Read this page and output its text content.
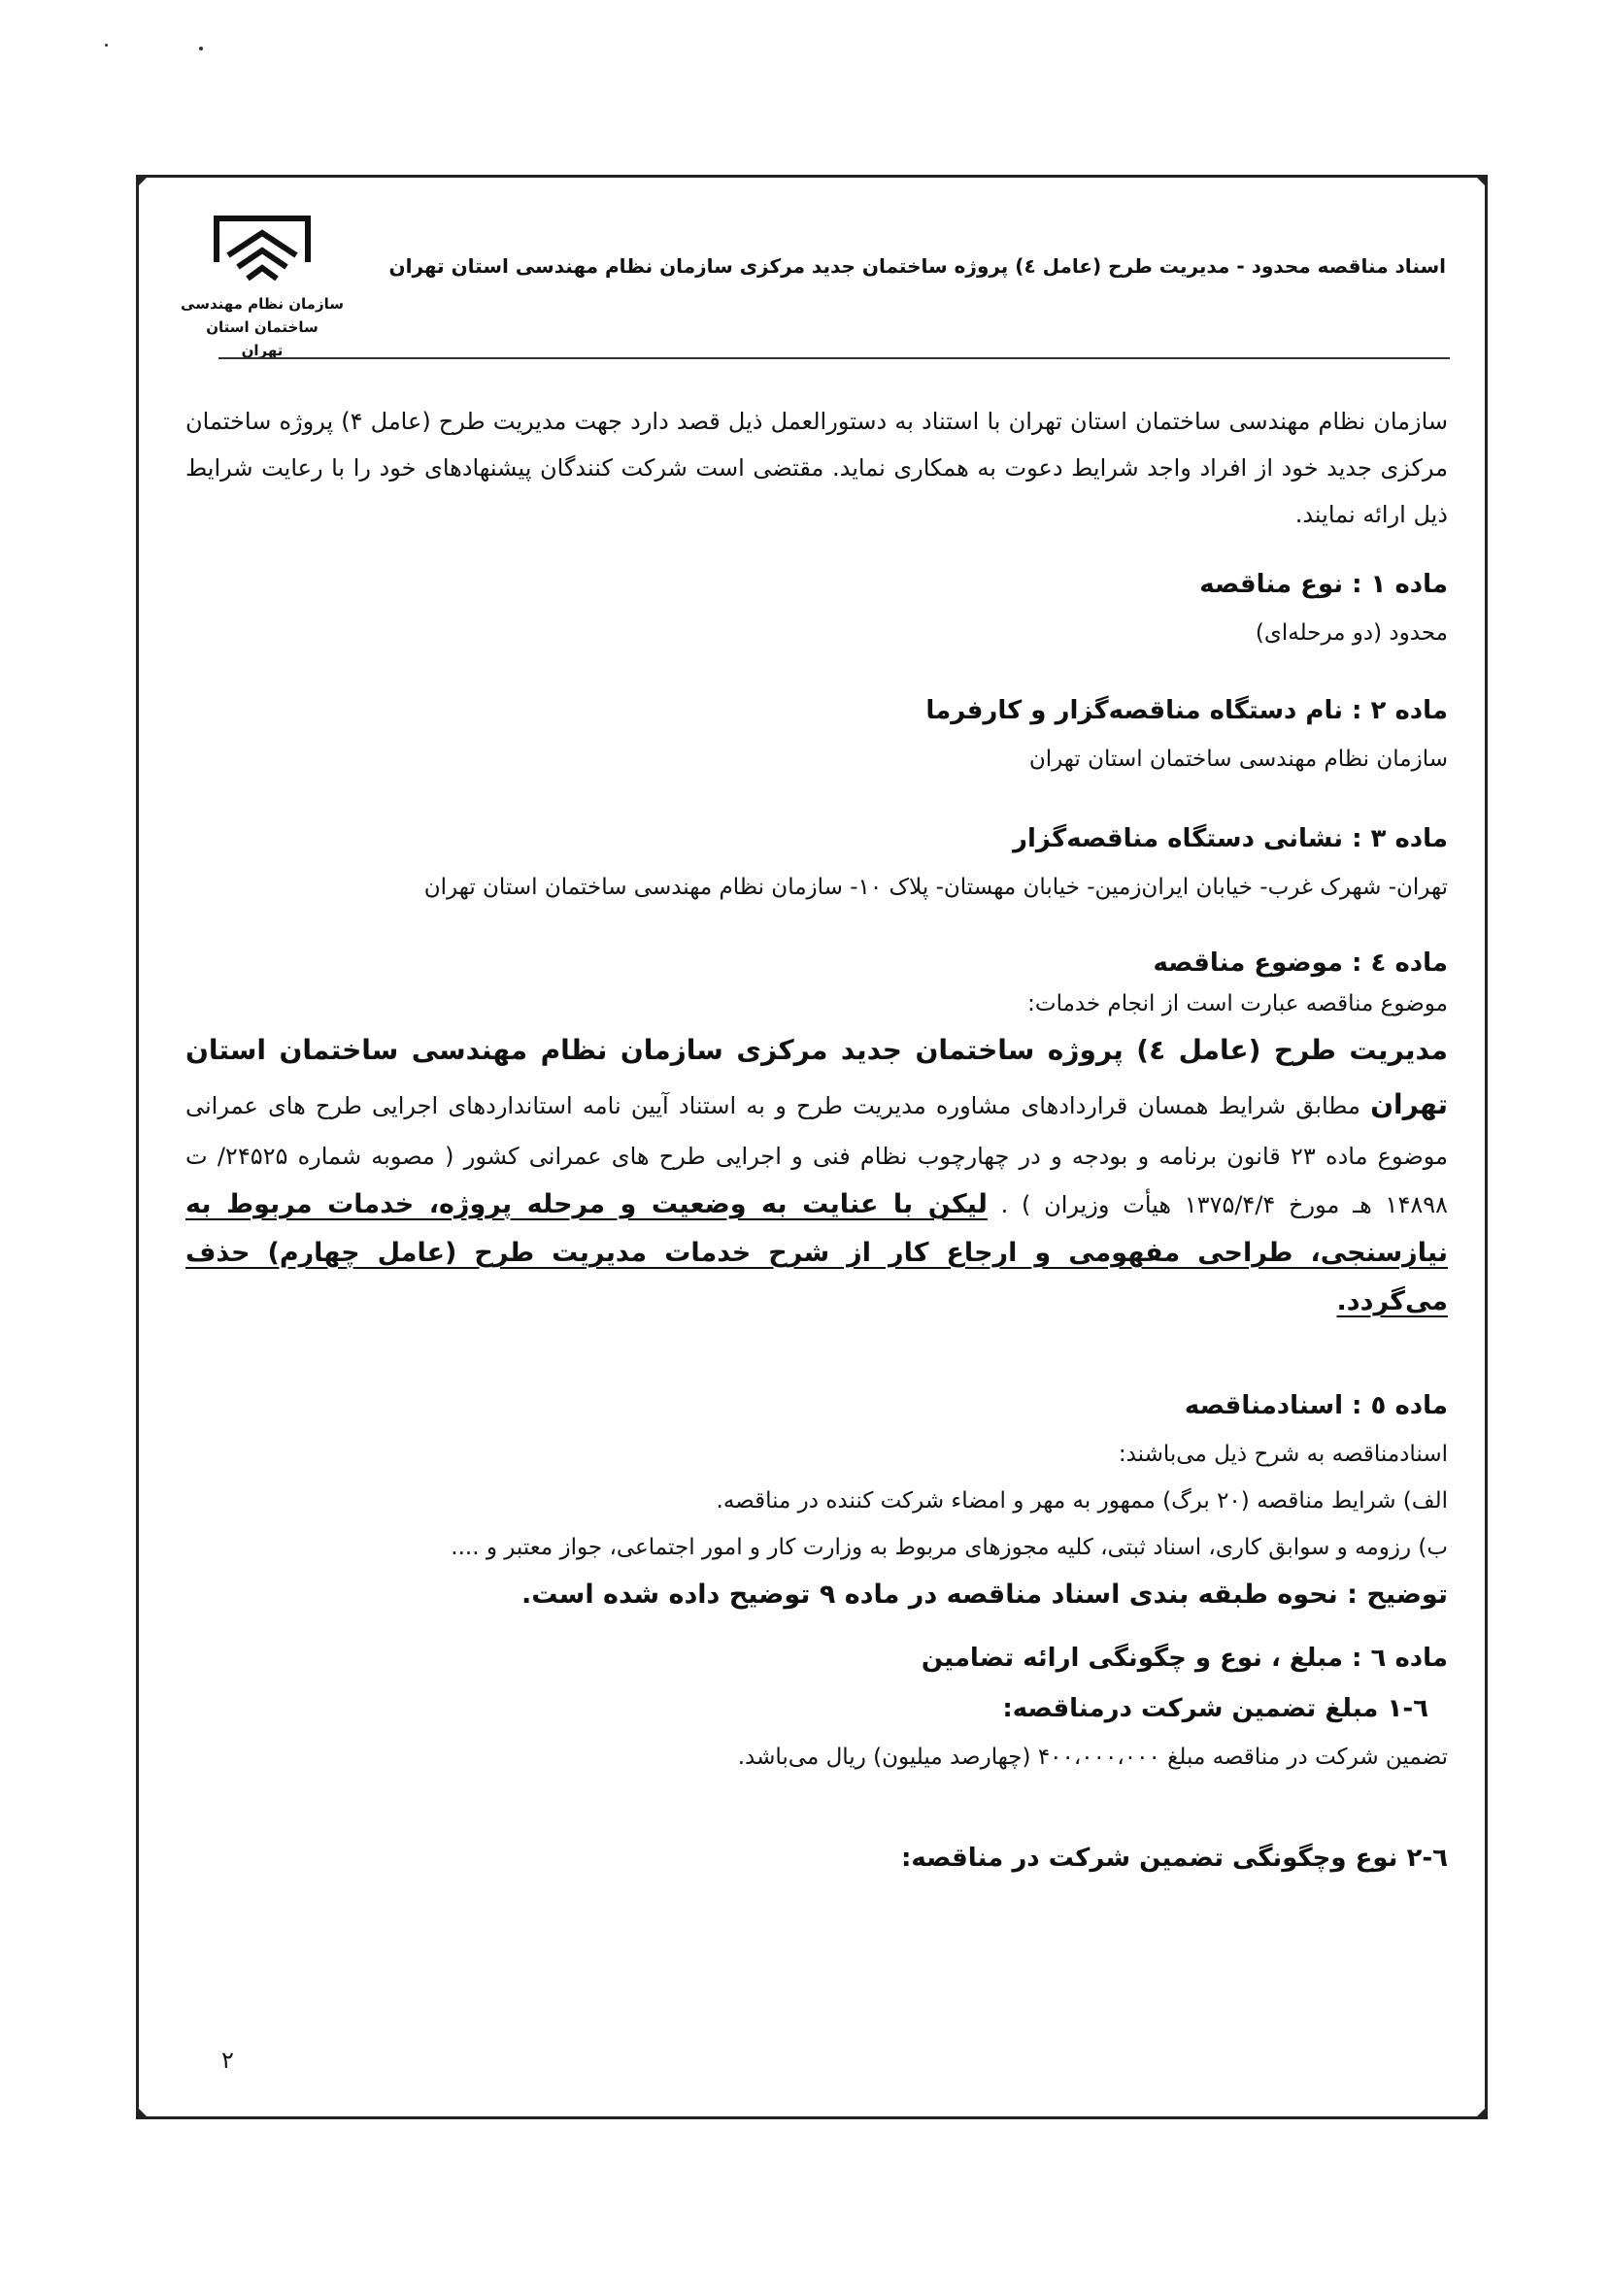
سازمان نظام مهندسی ساختمان استان
تهران
اسناد مناقصه محدود - مدیریت طرح (عامل ٤) پروژه ساختمان جدید مرکزی سازمان نظام مهندسی استان تهران

سازمان نظام مهندسی ساختمان استان تهران با استناد به دستورالعمل ذیل قصد دارد جهت مدیریت طرح (عامل ۴) پروژه ساختمان مرکزی جدید خود از افراد واجد شرایط دعوت به همکاری نماید. مقتضی است شرکت کنندگان پیشنهادهای خود را با رعایت شرایط ذیل ارائه نمایند.

ماده ۱ : نوع مناقصه

محدود (دو مرحله‌ای)

ماده ۲ : نام دستگاه مناقصه‌گزار و کارفرما

سازمان نظام مهندسی ساختمان استان تهران

ماده ۳ : نشانی دستگاه مناقصه‌گزار

تهران- شهرک غرب- خیابان ایران‌زمین- خیابان مهستان- پلاک ۱۰- سازمان نظام مهندسی ساختمان استان تهران

ماده ٤ : موضوع مناقصه

موضوع مناقصه عبارت است از انجام خدمات:

مدیریت طرح (عامل ٤) پروژه ساختمان جدید مرکزی سازمان نظام مهندسی ساختمان استان تهران مطابق شرایط همسان قراردادهای مشاوره مدیریت طرح و به استناد آیین نامه استانداردهای اجرایی طرح های عمرانی موضوع ماده ۲۳ قانون برنامه و بودجه و در چهارچوب نظام فنی و اجرایی طرح های عمرانی کشور ( مصوبه شماره ۲۴۵۲۵/ ت ۱۴۸۹۸ هـ مورخ ۱۳۷۵/۴/۴ هیأت وزیران ) . لیکن با عنایت به وضعیت و مرحله پروژه، خدمات مربوط به نیازسنجی، طراحی مفهومی و ارجاع کار از شرح خدمات مدیریت طرح (عامل چهارم) حذف می‌گردد.

ماده ٥ : اسنادمناقصه

اسنادمناقصه به شرح ذیل می‌باشند:

الف) شرایط مناقصه (۲۰ برگ) ممهور به مهر و امضاء شرکت کننده در مناقصه.

ب) رزومه و سوابق کاری، اسناد ثبتی، کلیه مجوزهای مربوط به وزارت کار و امور اجتماعی، جواز معتبر و ....

توضیح : نحوه طبقه بندی اسناد مناقصه در ماده ۹ توضیح داده شده است.

ماده ٦ : مبلغ ، نوع و چگونگی ارائه تضامین

٦-١ مبلغ تضمین شرکت درمناقصه:

تضمین شرکت در مناقصه مبلغ ۴۰۰،۰۰۰،۰۰۰ (چهارصد میلیون) ریال می‌باشد.

٦-٢ نوع وچگونگی تضمین شرکت در مناقصه:

۲
